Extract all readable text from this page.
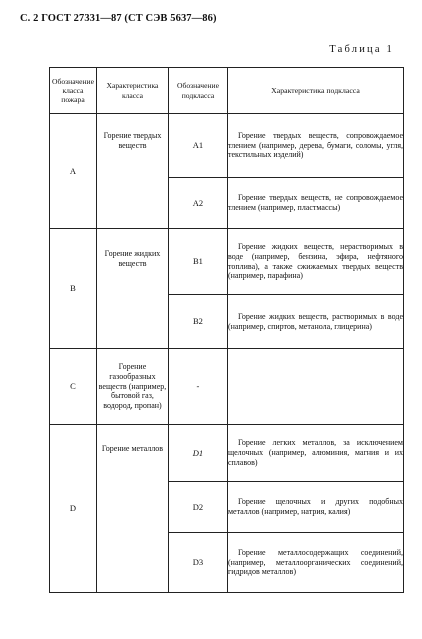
С. 2 ГОСТ 27331—87 (СТ СЭВ 5637—86)
Таблица 1
Обозначение класса пожара	Характеристика класса	Обозначение подкласса	Характеристика подкласса
A	Горение твердых веществ	A1	Горение твердых веществ, сопровождаемое тлением (например, дерева, бумаги, соломы, угля, текстильных изделий)

		A2	Горение твердых веществ, не сопровождаемое тлением (например, пластмассы)

B	Горение жидких веществ	B1	Горение жидких веществ, нерастворимых в воде (например, бензина, эфира, нефтяного топлива), а также сжижаемых твердых веществ (например, парафина)

		B2	Горение жидких веществ, растворимых в воде (например, спиртов, метанола, глицерина)

C	Горение газообразных веществ (например, бытовой газ, водород, пропан)	-	

D	Горение металлов	D1	Горение легких металлов, за исключением щелочных (например, алюминия, магния и их сплавов)

		D2	Горение щелочных и других подобных металлов (например, натрия, калия)

		D3	Горение металлосодержащих соединений, (например, металлоорганических соединений, гидридов металлов)
